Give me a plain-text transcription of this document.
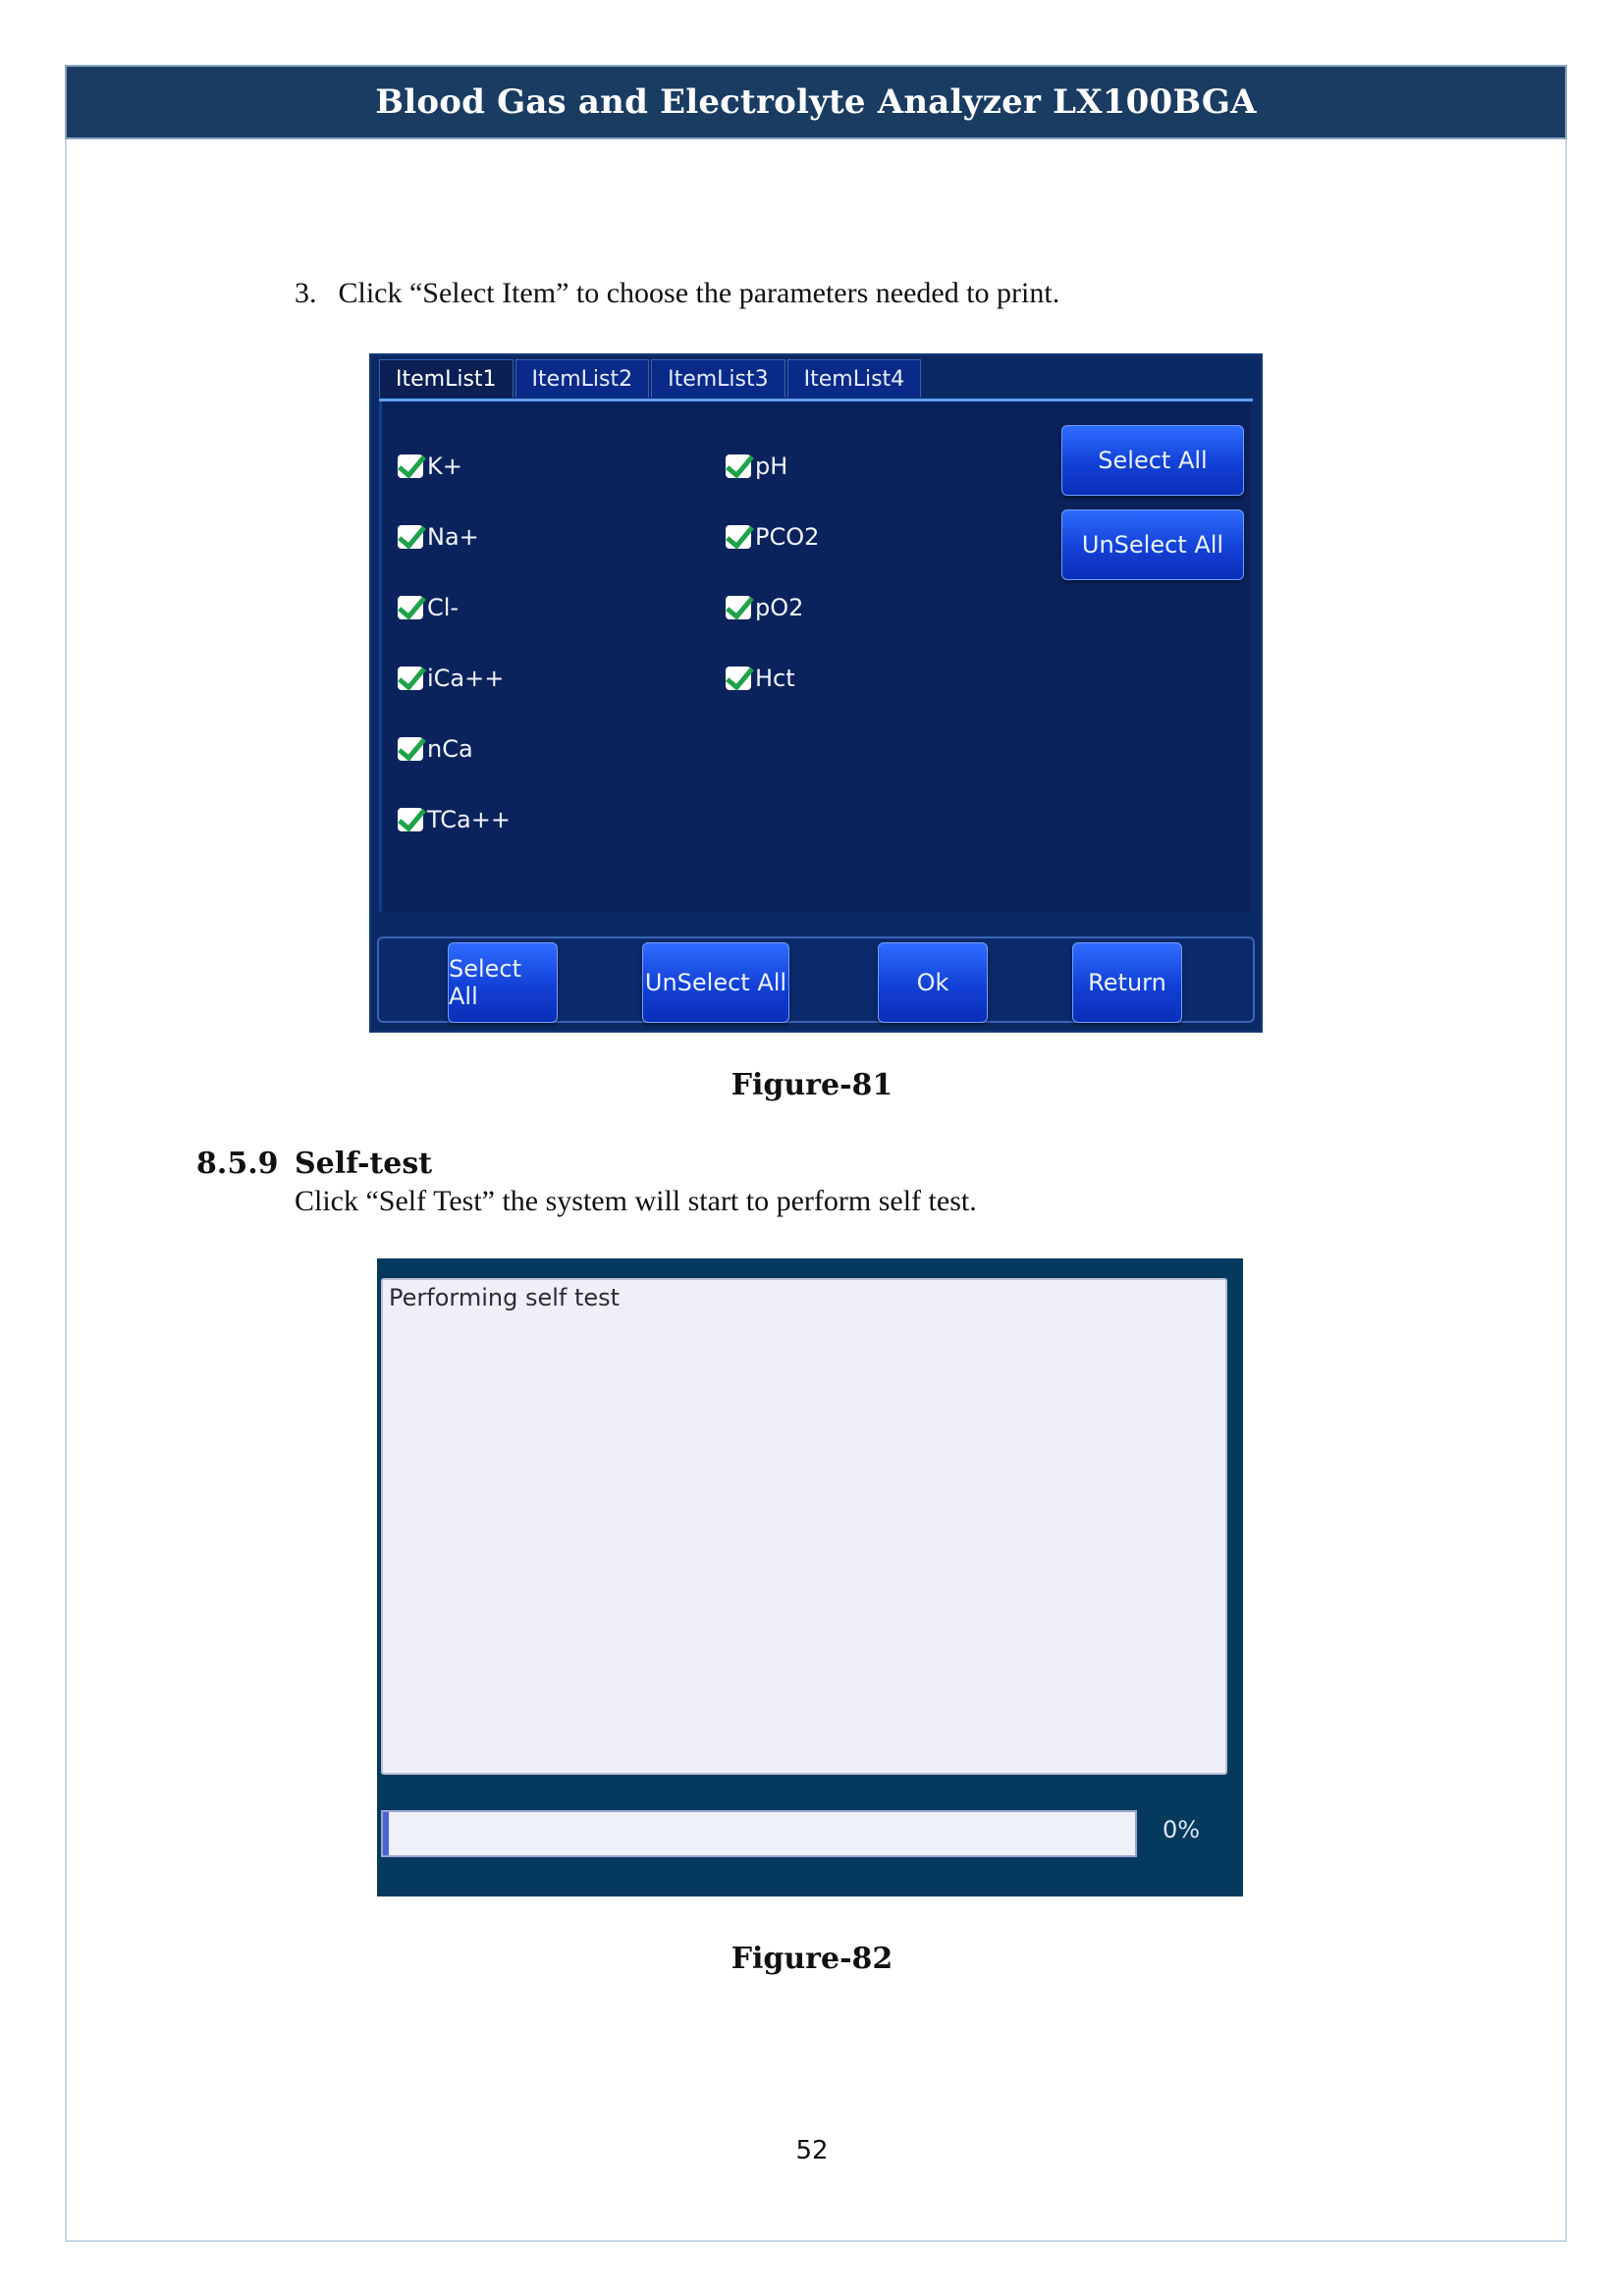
Blood Gas and Electrolyte Analyzer LX100BGA
3. Click “Select Item” to choose the parameters needed to print.
ItemList1	ItemList2	ItemList3	ItemList4
K+
Na+
Cl-
iCa++
nCa
TCa++
pH
PCO2
pO2
Hct
Select All
UnSelect All
Select All	UnSelect All	Ok	Return
Figure-81
8.5.9 Self-test
Click “Self Test” the system will start to perform self test.
Performing self test
0%
Figure-82
52
